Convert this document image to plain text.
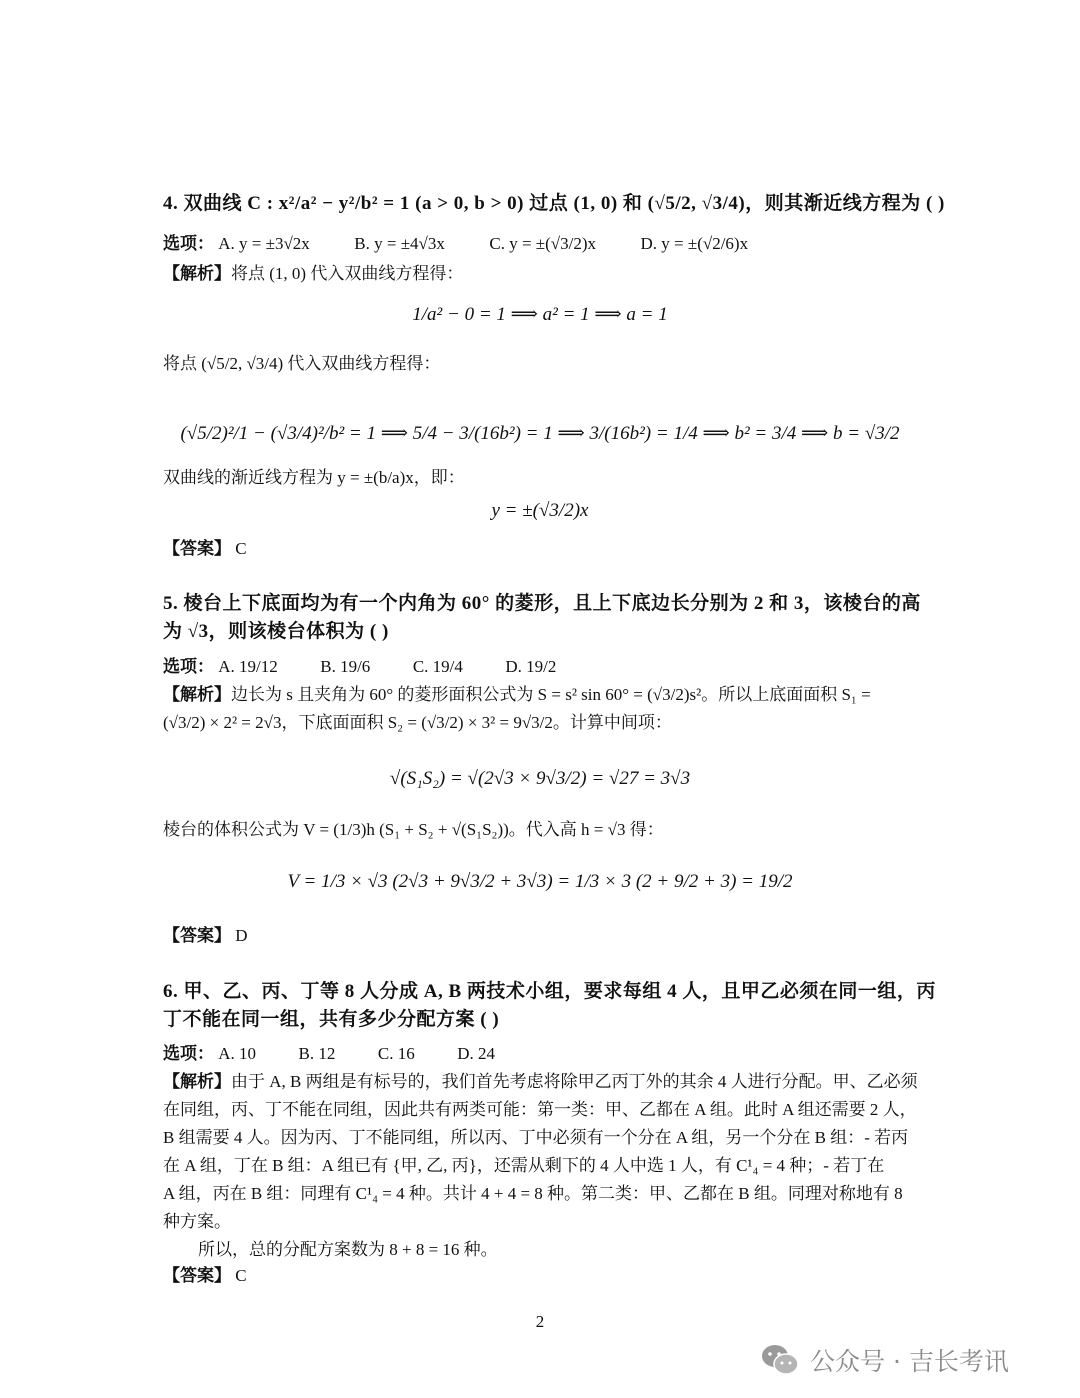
4. 双曲线 C : x²/a² − y²/b² = 1 (a > 0, b > 0) 过点 (1, 0) 和 (√5/2, √3/4)，则其渐近线方程为 ( )
选项： A. y = ±3√2x	B. y = ±4√3x	C. y = ±(√3/2)x	D. y = ±(√2/6)x
【解析】将点 (1, 0) 代入双曲线方程得：
1/a² − 0 = 1 ⟹ a² = 1 ⟹ a = 1
将点 (√5/2, √3/4) 代入双曲线方程得：
(√5/2)²/1 − (√3/4)²/b² = 1 ⟹ 5/4 − 3/(16b²) = 1 ⟹ 3/(16b²) = 1/4 ⟹ b² = 3/4 ⟹ b = √3/2
双曲线的渐近线方程为 y = ±(b/a)x，即：
y = ±(√3/2)x
【答案】 C
5. 棱台上下底面均为有一个内角为 60° 的菱形，且上下底边长分别为 2 和 3，该棱台的高
为 √3，则该棱台体积为 ( )
选项： A. 19/12	B. 19/6	C. 19/4	D. 19/2
【解析】边长为 s 且夹角为 60° 的菱形面积公式为 S = s² sin 60° = (√3/2)s²。所以上底面面积 S₁ =
(√3/2) × 2² = 2√3，下底面面积 S₂ = (√3/2) × 3² = 9√3/2。计算中间项：
√(S₁S₂) = √(2√3 × 9√3/2) = √27 = 3√3
棱台的体积公式为 V = (1/3)h (S₁ + S₂ + √(S₁S₂))。代入高 h = √3 得：
V = 1/3 × √3 (2√3 + 9√3/2 + 3√3) = 1/3 × 3 (2 + 9/2 + 3) = 19/2
【答案】 D
6. 甲、乙、丙、丁等 8 人分成 A, B 两技术小组，要求每组 4 人，且甲乙必须在同一组，丙
丁不能在同一组，共有多少分配方案 ( )
选项： A. 10	B. 12	C. 16	D. 24
【解析】由于 A, B 两组是有标号的，我们首先考虑将除甲乙丙丁外的其余 4 人进行分配。甲、乙必须
在同组，丙、丁不能在同组，因此共有两类可能：第一类：甲、乙都在 A 组。此时 A 组还需要 2 人，
B 组需要 4 人。因为丙、丁不能同组，所以丙、丁中必须有一个分在 A 组，另一个分在 B 组：- 若丙
在 A 组，丁在 B 组：A 组已有 {甲, 乙, 丙}，还需从剩下的 4 人中选 1 人，有 C¹₄ = 4 种；- 若丁在
A 组，丙在 B 组：同理有 C¹₄ = 4 种。共计 4 + 4 = 8 种。第二类：甲、乙都在 B 组。同理对称地有 8
种方案。
所以，总的分配方案数为 8 + 8 = 16 种。
【答案】 C
2
公众号 · 吉长考讯
